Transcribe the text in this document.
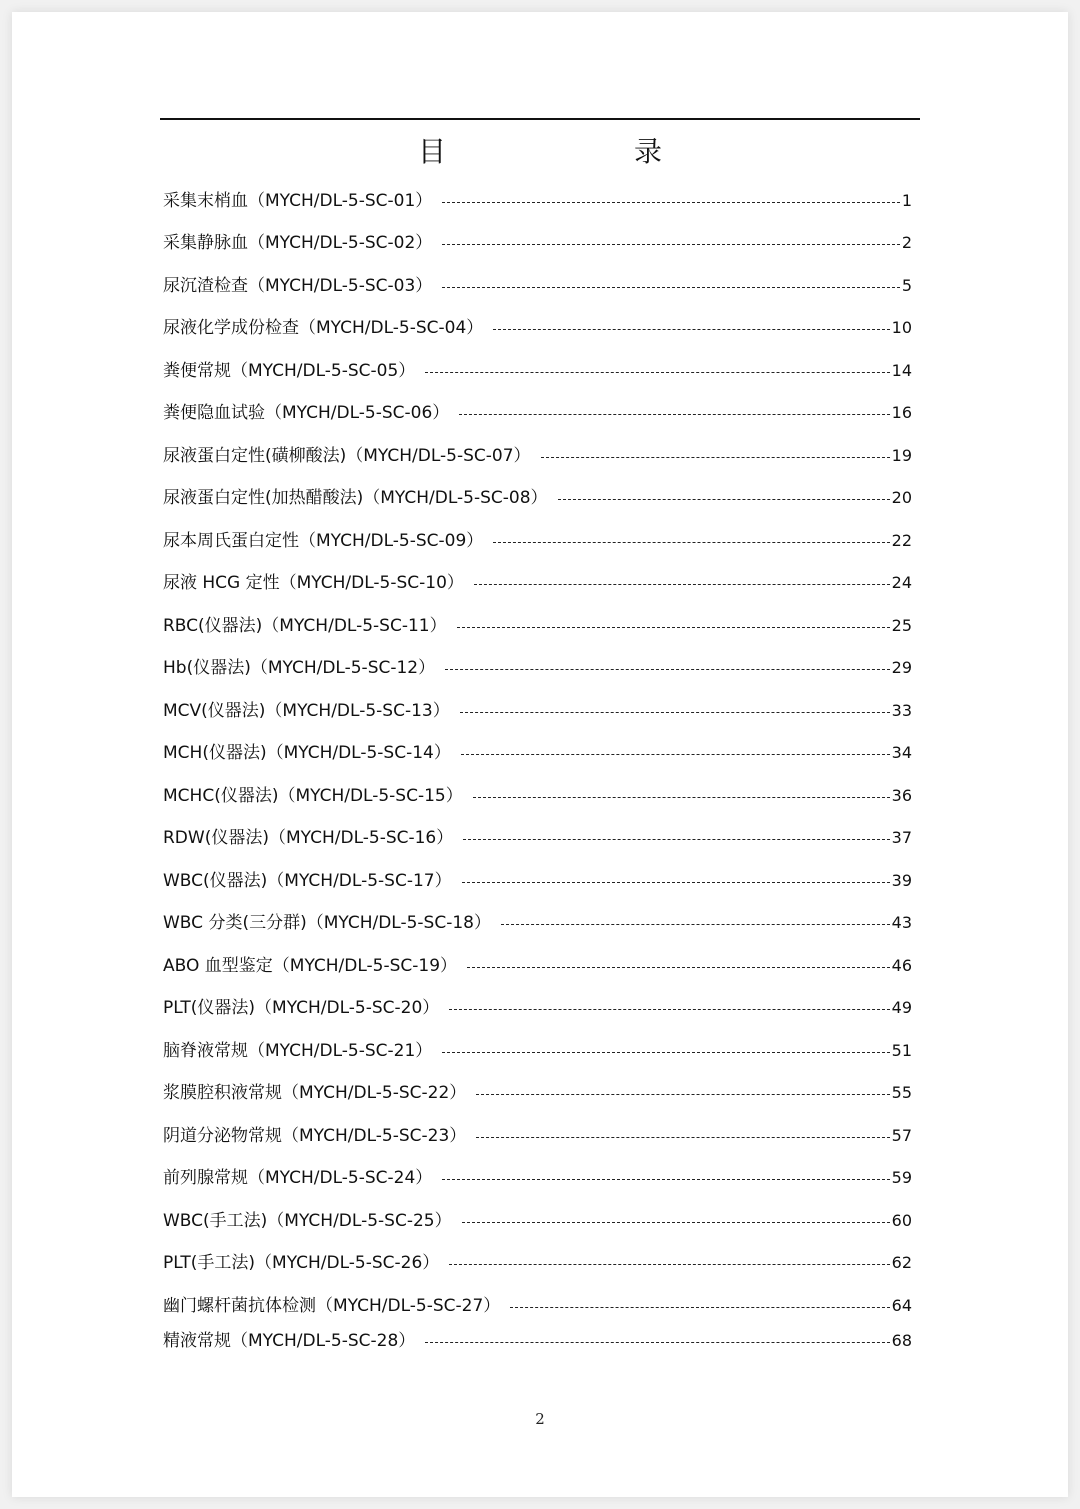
目	录
采集末梢血（MYCH/DL-5-SC-01）	1
采集静脉血（MYCH/DL-5-SC-02）	2
尿沉渣检查（MYCH/DL-5-SC-03）	5
尿液化学成份检查（MYCH/DL-5-SC-04）	10
粪便常规（MYCH/DL-5-SC-05）	14
粪便隐血试验（MYCH/DL-5-SC-06）	16
尿液蛋白定性(磺柳酸法)（MYCH/DL-5-SC-07）	19
尿液蛋白定性(加热醋酸法)（MYCH/DL-5-SC-08）	20
尿本周氏蛋白定性（MYCH/DL-5-SC-09）	22
尿液 HCG 定性（MYCH/DL-5-SC-10）	24
RBC(仪器法)（MYCH/DL-5-SC-11）	25
Hb(仪器法)（MYCH/DL-5-SC-12）	29
MCV(仪器法)（MYCH/DL-5-SC-13）	33
MCH(仪器法)（MYCH/DL-5-SC-14）	34
MCHC(仪器法)（MYCH/DL-5-SC-15）	36
RDW(仪器法)（MYCH/DL-5-SC-16）	37
WBC(仪器法)（MYCH/DL-5-SC-17）	39
WBC 分类(三分群)（MYCH/DL-5-SC-18）	43
ABO 血型鉴定（MYCH/DL-5-SC-19）	46
PLT(仪器法)（MYCH/DL-5-SC-20）	49
脑脊液常规（MYCH/DL-5-SC-21）	51
浆膜腔积液常规（MYCH/DL-5-SC-22）	55
阴道分泌物常规（MYCH/DL-5-SC-23）	57
前列腺常规（MYCH/DL-5-SC-24）	59
WBC(手工法)（MYCH/DL-5-SC-25）	60
PLT(手工法)（MYCH/DL-5-SC-26）	62
幽门螺杆菌抗体检测（MYCH/DL-5-SC-27）	64
精液常规（MYCH/DL-5-SC-28）	68
2
